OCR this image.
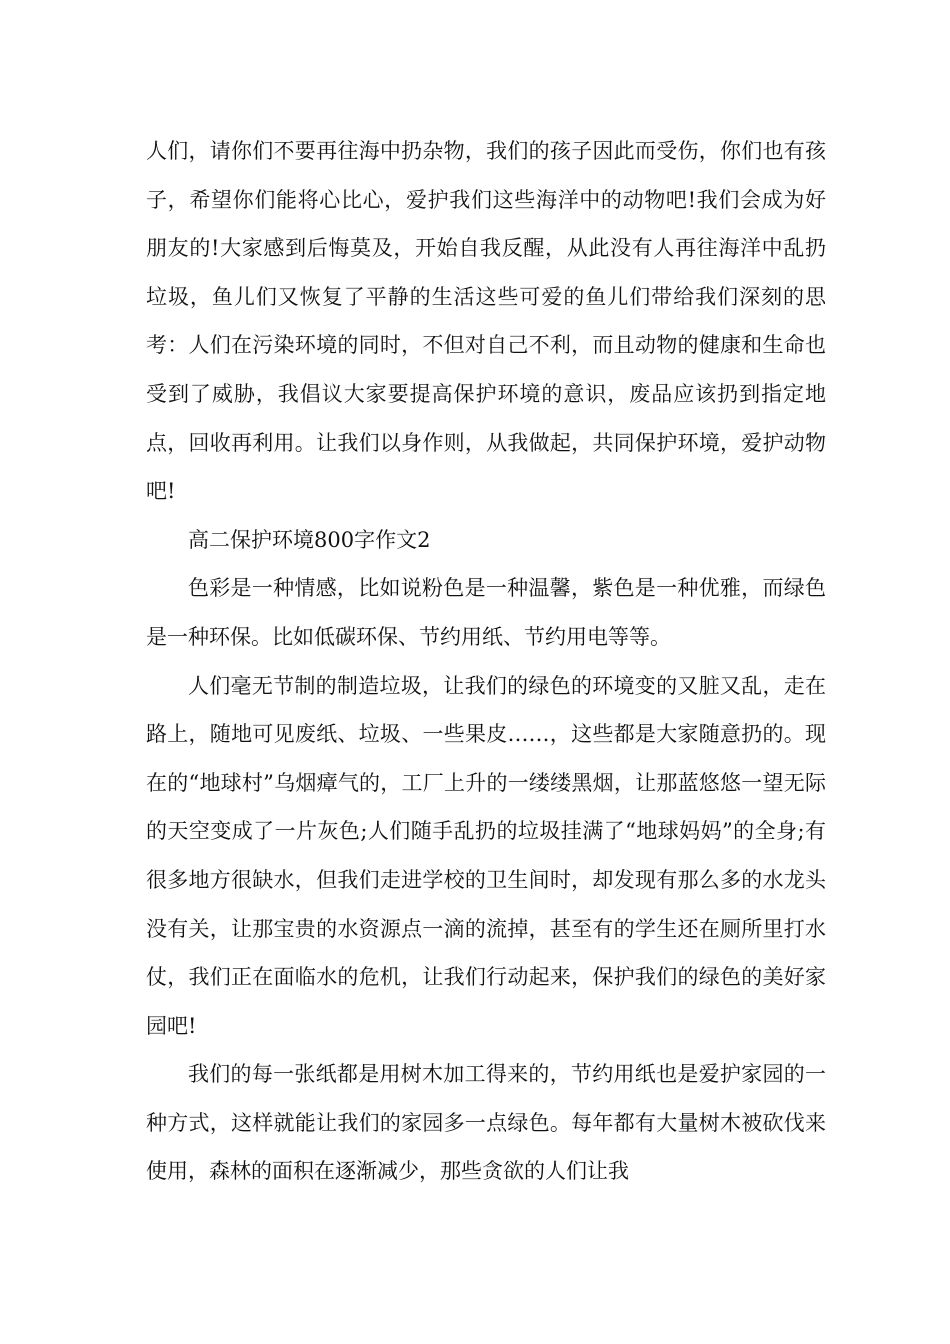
人们，请你们不要再往海中扔杂物，我们的孩子因此而受伤，你们也有孩子，希望你们能将心比心，爱护我们这些海洋中的动物吧!我们会成为好朋友的!大家感到后悔莫及，开始自我反醒，从此没有人再往海洋中乱扔垃圾，鱼儿们又恢复了平静的生活这些可爱的鱼儿们带给我们深刻的思考：人们在污染环境的同时，不但对自己不利，而且动物的健康和生命也受到了威胁，我倡议大家要提高保护环境的意识，废品应该扔到指定地点，回收再利用。让我们以身作则，从我做起，共同保护环境，爱护动物吧!

高二保护环境800字作文2

色彩是一种情感，比如说粉色是一种温馨，紫色是一种优雅，而绿色是一种环保。比如低碳环保、节约用纸、节约用电等等。

人们毫无节制的制造垃圾，让我们的绿色的环境变的又脏又乱，走在路上，随地可见废纸、垃圾、一些果皮……，这些都是大家随意扔的。现在的“地球村”乌烟瘴气的，工厂上升的一缕缕黑烟，让那蓝悠悠一望无际的天空变成了一片灰色;人们随手乱扔的垃圾挂满了“地球妈妈”的全身;有很多地方很缺水，但我们走进学校的卫生间时，却发现有那么多的水龙头没有关，让那宝贵的水资源点一滴的流掉，甚至有的学生还在厕所里打水仗，我们正在面临水的危机，让我们行动起来，保护我们的绿色的美好家园吧!

我们的每一张纸都是用树木加工得来的，节约用纸也是爱护家园的一种方式，这样就能让我们的家园多一点绿色。每年都有大量树木被砍伐来使用，森林的面积在逐渐减少，那些贪欲的人们让我
